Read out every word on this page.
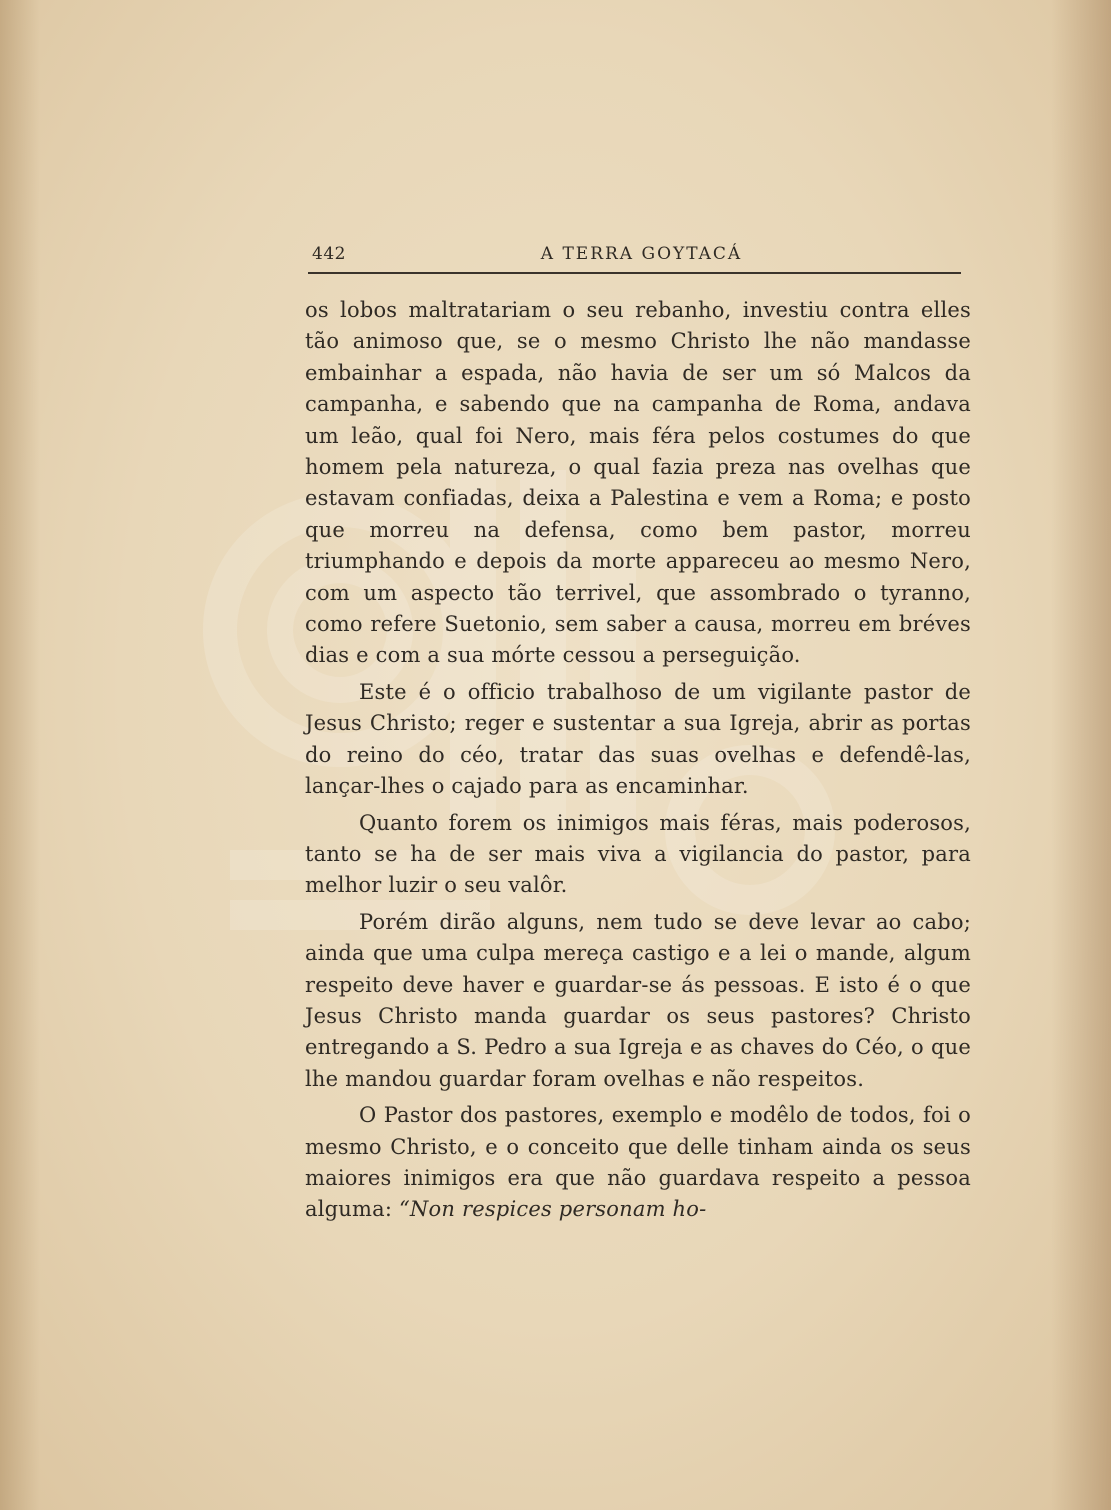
442	A TERRA GOYTACÁ

os lobos maltratariam o seu rebanho, investiu contra elles tão animoso que, se o mesmo Christo lhe não mandasse embainhar a espada, não havia de ser um só Malcos da campanha, e sabendo que na campanha de Roma, andava um leão, qual foi Nero, mais féra pelos costumes do que homem pela natureza, o qual fazia preza nas ovelhas que estavam confiadas, deixa a Palestina e vem a Roma; e posto que morreu na defensa, como bem pastor, morreu triumphando e depois da morte appareceu ao mesmo Nero, com um aspecto tão terrivel, que assombrado o tyranno, como refere Suetonio, sem saber a causa, morreu em bréves dias e com a sua mórte cessou a perseguição.

Este é o officio trabalhoso de um vigilante pastor de Jesus Christo; reger e sustentar a sua Igreja, abrir as portas do reino do céo, tratar das suas ovelhas e defendê-las, lançar-lhes o cajado para as encaminhar.

Quanto forem os inimigos mais féras, mais poderosos, tanto se ha de ser mais viva a vigilancia do pastor, para melhor luzir o seu valôr.

Porém dirão alguns, nem tudo se deve levar ao cabo; ainda que uma culpa mereça castigo e a lei o mande, algum respeito deve haver e guardar-se ás pessoas. E isto é o que Jesus Christo manda guardar os seus pastores? Christo entregando a S. Pedro a sua Igreja e as chaves do Céo, o que lhe mandou guardar foram ovelhas e não respeitos.

O Pastor dos pastores, exemplo e modêlo de todos, foi o mesmo Christo, e o conceito que delle tinham ainda os seus maiores inimigos era que não guardava respeito a pessoa alguma: “Non respices personam ho-
